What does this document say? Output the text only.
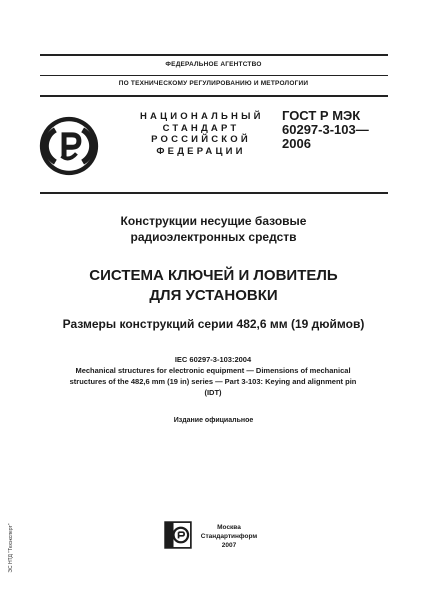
ФЕДЕРАЛЬНОЕ АГЕНТСТВО
ПО ТЕХНИЧЕСКОМУ РЕГУЛИРОВАНИЮ И МЕТРОЛОГИИ
НАЦИОНАЛЬНЫЙ
СТАНДАРТ
РОССИЙСКОЙ
ФЕДЕРАЦИИ
ГОСТ Р МЭК
60297-3-103—
2006
Конструкции несущие базовые
радиоэлектронных средств
СИСТЕМА КЛЮЧЕЙ И ЛОВИТЕЛЬ
ДЛЯ УСТАНОВКИ
Размеры конструкций серии 482,6 мм (19 дюймов)
IEC 60297-3-103:2004
Mechanical structures for electronic equipment — Dimensions of mechanical
structures of the 482,6 mm (19 in) series — Part 3-103: Keying and alignment pin
(IDT)
Издание официальное
Москва
Стандартинформ
2007
ЭС НТД "Техэксперт"
